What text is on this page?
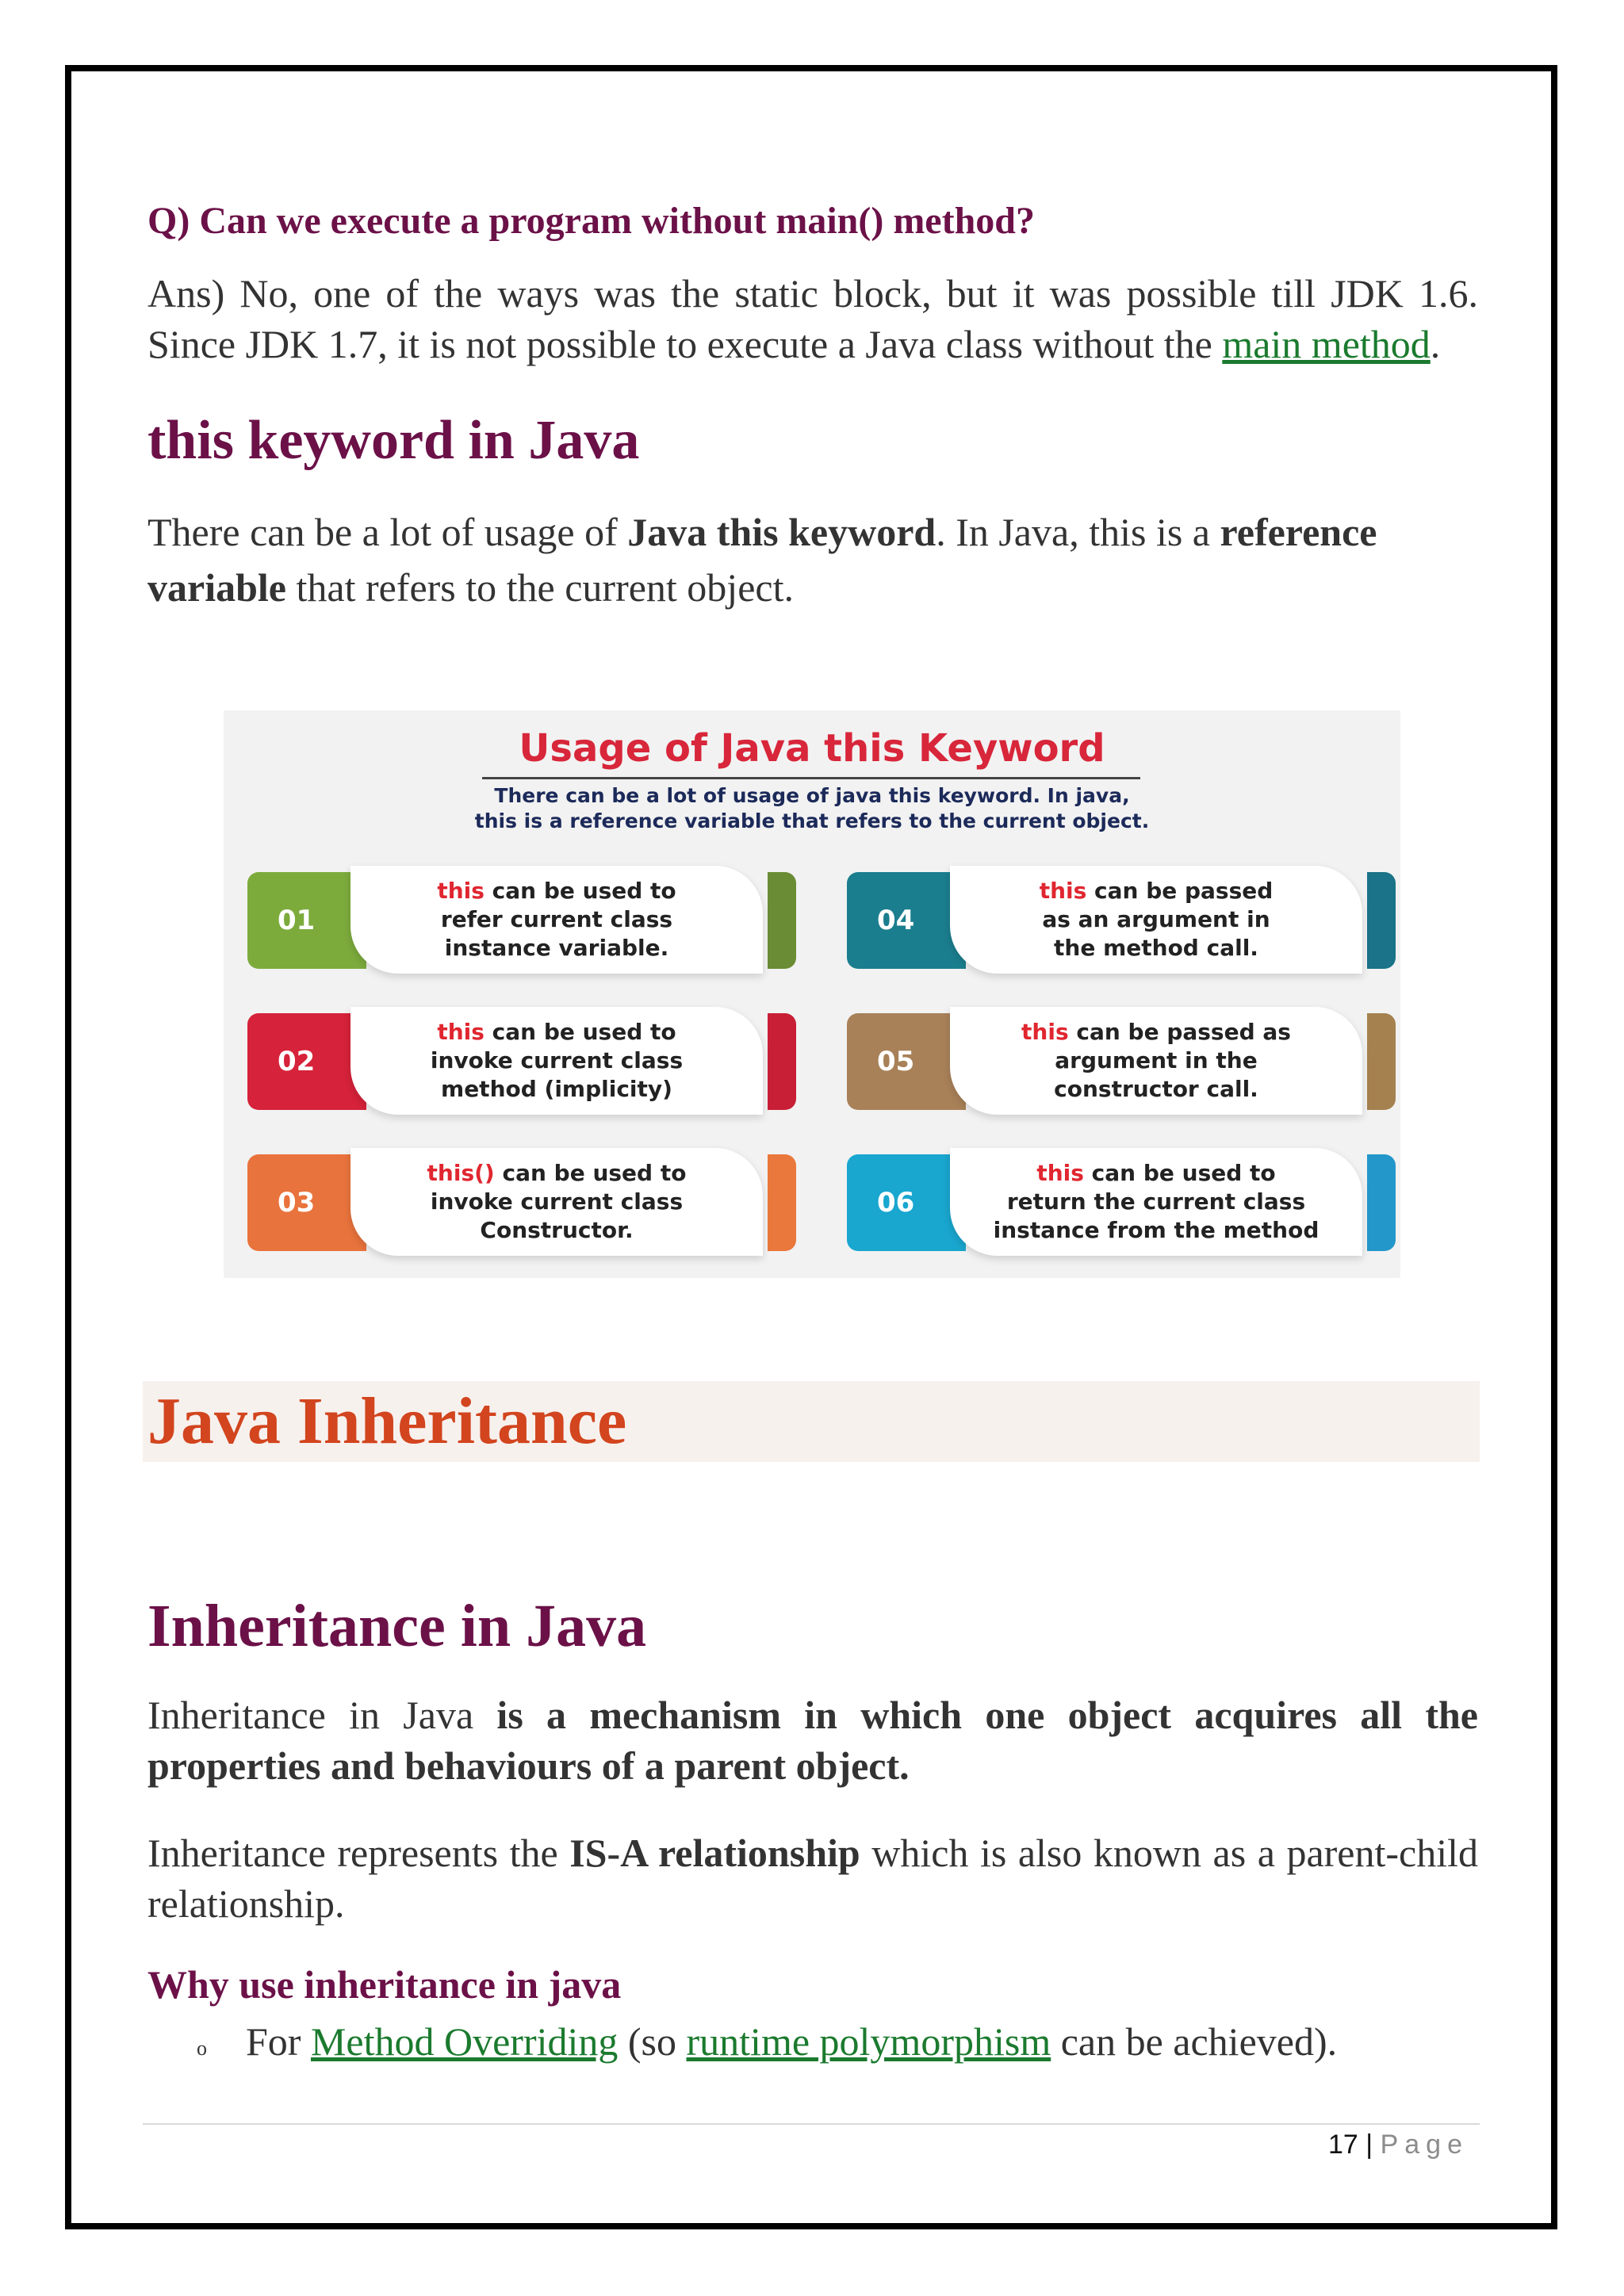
Q) Can we execute a program without main() method?

Ans) No, one of the ways was the static block, but it was possible till JDK 1.6. Since JDK 1.7, it is not possible to execute a Java class without the main method.

this keyword in Java

There can be a lot of usage of Java this keyword. In Java, this is a reference variable that refers to the current object.

Usage of Java this Keyword
There can be a lot of usage of java this keyword. In java,
this is a reference variable that refers to the current object.
01
this can be used to
refer current class
instance variable.
02
this can be used to
invoke current class
method (implicity)
03
this() can be used to
invoke current class
Constructor.
04
this can be passed
as an argument in
the method call.
05
this can be passed as
argument in the
constructor call.
06
this can be used to
return the current class
instance from the method
Java Inheritance
Inheritance in Java

Inheritance in Java is a mechanism in which one object acquires all the properties and behaviours of a parent object.

Inheritance represents the IS-A relationship which is also known as a parent-child relationship.

Why use inheritance in java
o For Method Overriding (so runtime polymorphism can be achieved).
17 | Page
